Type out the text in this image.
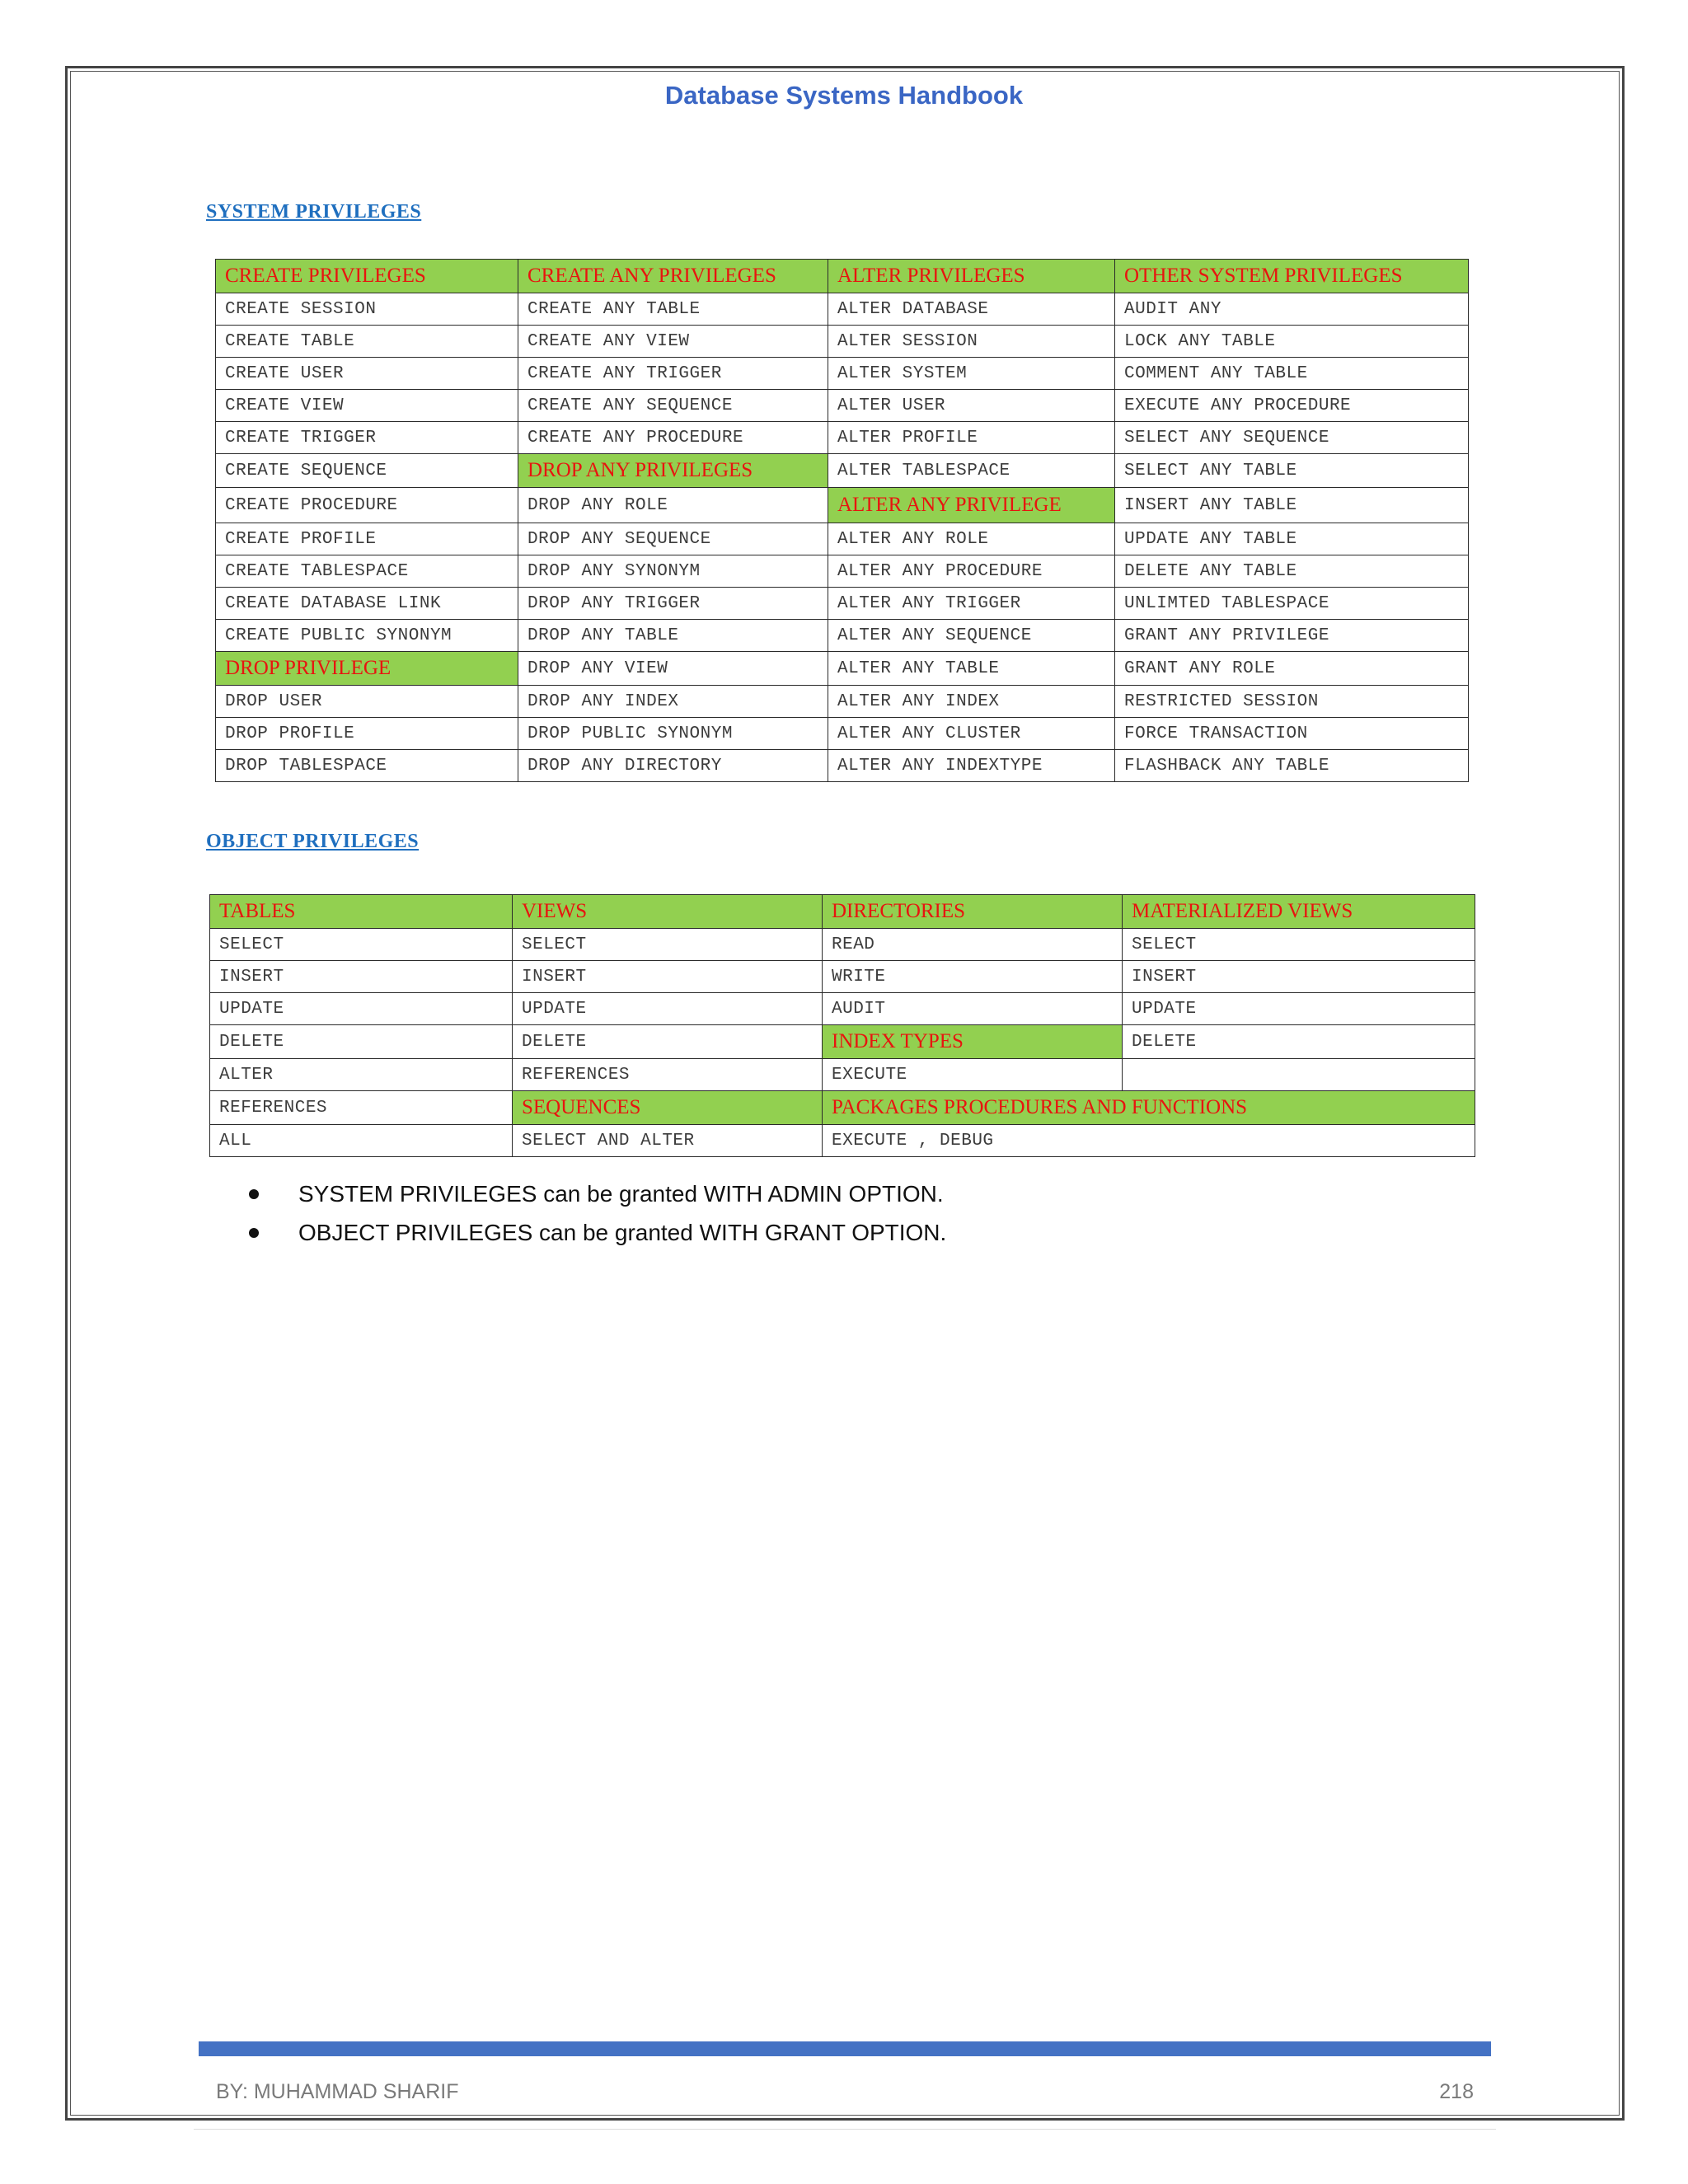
Database Systems Handbook
SYSTEM PRIVILEGES
CREATE PRIVILEGES	CREATE ANY PRIVILEGES	ALTER PRIVILEGES	OTHER SYSTEM PRIVILEGES
CREATE SESSION	CREATE ANY TABLE	ALTER DATABASE	AUDIT ANY
CREATE TABLE	CREATE ANY VIEW	ALTER SESSION	LOCK ANY TABLE
CREATE USER	CREATE ANY TRIGGER	ALTER SYSTEM	COMMENT ANY TABLE
CREATE VIEW	CREATE ANY SEQUENCE	ALTER USER	EXECUTE ANY PROCEDURE
CREATE TRIGGER	CREATE ANY PROCEDURE	ALTER PROFILE	SELECT ANY SEQUENCE
CREATE SEQUENCE	DROP ANY PRIVILEGES	ALTER TABLESPACE	SELECT ANY TABLE
CREATE PROCEDURE	DROP ANY ROLE	ALTER ANY PRIVILEGE	INSERT ANY TABLE
CREATE PROFILE	DROP ANY SEQUENCE	ALTER ANY ROLE	UPDATE ANY TABLE
CREATE TABLESPACE	DROP ANY SYNONYM	ALTER ANY PROCEDURE	DELETE ANY TABLE
CREATE DATABASE LINK	DROP ANY TRIGGER	ALTER ANY TRIGGER	UNLIMTED TABLESPACE
CREATE PUBLIC SYNONYM	DROP ANY TABLE	ALTER ANY SEQUENCE	GRANT ANY PRIVILEGE
DROP PRIVILEGE	DROP ANY VIEW	ALTER ANY TABLE	GRANT ANY ROLE
DROP USER	DROP ANY INDEX	ALTER ANY INDEX	RESTRICTED SESSION
DROP PROFILE	DROP PUBLIC SYNONYM	ALTER ANY CLUSTER	FORCE TRANSACTION
DROP TABLESPACE	DROP ANY DIRECTORY	ALTER ANY INDEXTYPE	FLASHBACK ANY TABLE
OBJECT PRIVILEGES
TABLES	VIEWS	DIRECTORIES	MATERIALIZED VIEWS
SELECT	SELECT	READ	SELECT
INSERT	INSERT	WRITE	INSERT
UPDATE	UPDATE	AUDIT	UPDATE
DELETE	DELETE	INDEX TYPES	DELETE
ALTER	REFERENCES	EXECUTE	
REFERENCES	SEQUENCES	PACKAGES PROCEDURES AND FUNCTIONS	
ALL	SELECT AND ALTER	EXECUTE , DEBUG	
SYSTEM PRIVILEGES can be granted WITH ADMIN OPTION.
OBJECT PRIVILEGES can be granted WITH GRANT OPTION.
BY: MUHAMMAD SHARIF	218
